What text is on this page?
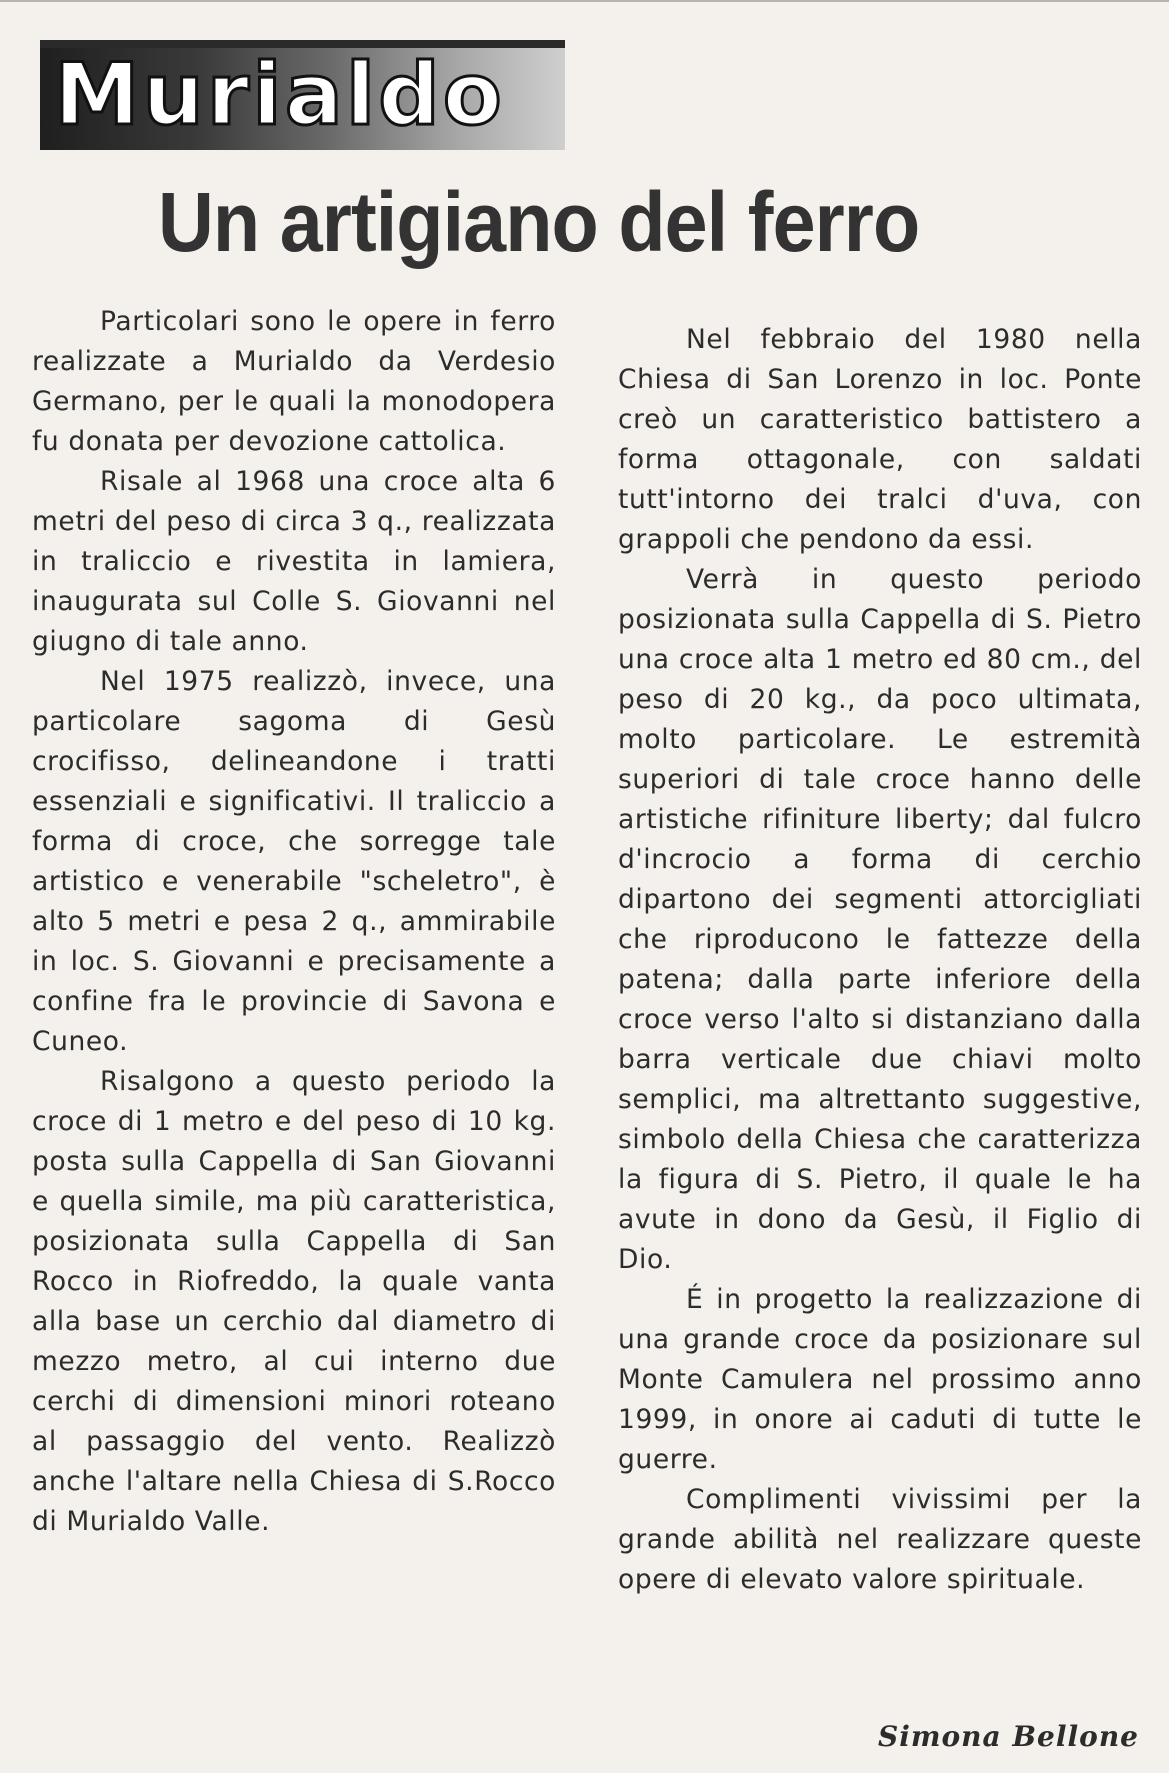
Murialdo
Un artigiano del ferro

Particolari sono le opere in ferro realizzate a Murialdo da Verdesio Germano, per le quali la monodopera fu donata per devozione cattolica.

Risale al 1968 una croce alta 6 metri del peso di circa 3 q., realizzata in traliccio e rivestita in lamiera, inaugurata sul Colle S. Giovanni nel giugno di tale anno.

Nel 1975 realizzò, invece, una particolare sagoma di Gesù crocifisso, delineandone i tratti essenziali e significativi. Il traliccio a forma di croce, che sorregge tale artistico e venerabile "scheletro", è alto 5 metri e pesa 2 q., ammirabile in loc. S. Giovanni e precisamente a confine fra le provincie di Savona e Cuneo.

Risalgono a questo periodo la croce di 1 metro e del peso di 10 kg. posta sulla Cappella di San Giovanni e quella simile, ma più caratteristica, posizionata sulla Cappella di San Rocco in Riofreddo, la quale vanta alla base un cerchio dal diametro di mezzo metro, al cui interno due cerchi di dimensioni minori roteano al passaggio del vento. Realizzò anche l'altare nella Chiesa di S.Rocco di Murialdo Valle.

Nel febbraio del 1980 nella Chiesa di San Lorenzo in loc. Ponte creò un caratteristico battistero a forma ottagonale, con saldati tutt'intorno dei tralci d'uva, con grappoli che pendono da essi.

Verrà in questo periodo posizionata sulla Cappella di S. Pietro una croce alta 1 metro ed 80 cm., del peso di 20 kg., da poco ultimata, molto particolare. Le estremità superiori di tale croce hanno delle artistiche rifiniture liberty; dal fulcro d'incrocio a forma di cerchio dipartono dei segmenti attorcigliati che riproducono le fattezze della patena; dalla parte inferiore della croce verso l'alto si distanziano dalla barra verticale due chiavi molto semplici, ma altrettanto suggestive, simbolo della Chiesa che caratterizza la figura di S. Pietro, il quale le ha avute in dono da Gesù, il Figlio di Dio.

É in progetto la realizzazione di una grande croce da posizionare sul Monte Camulera nel prossimo anno 1999, in onore ai caduti di tutte le guerre.

Complimenti vivissimi per la grande abilità nel realizzare queste opere di elevato valore spirituale.

Simona Bellone
